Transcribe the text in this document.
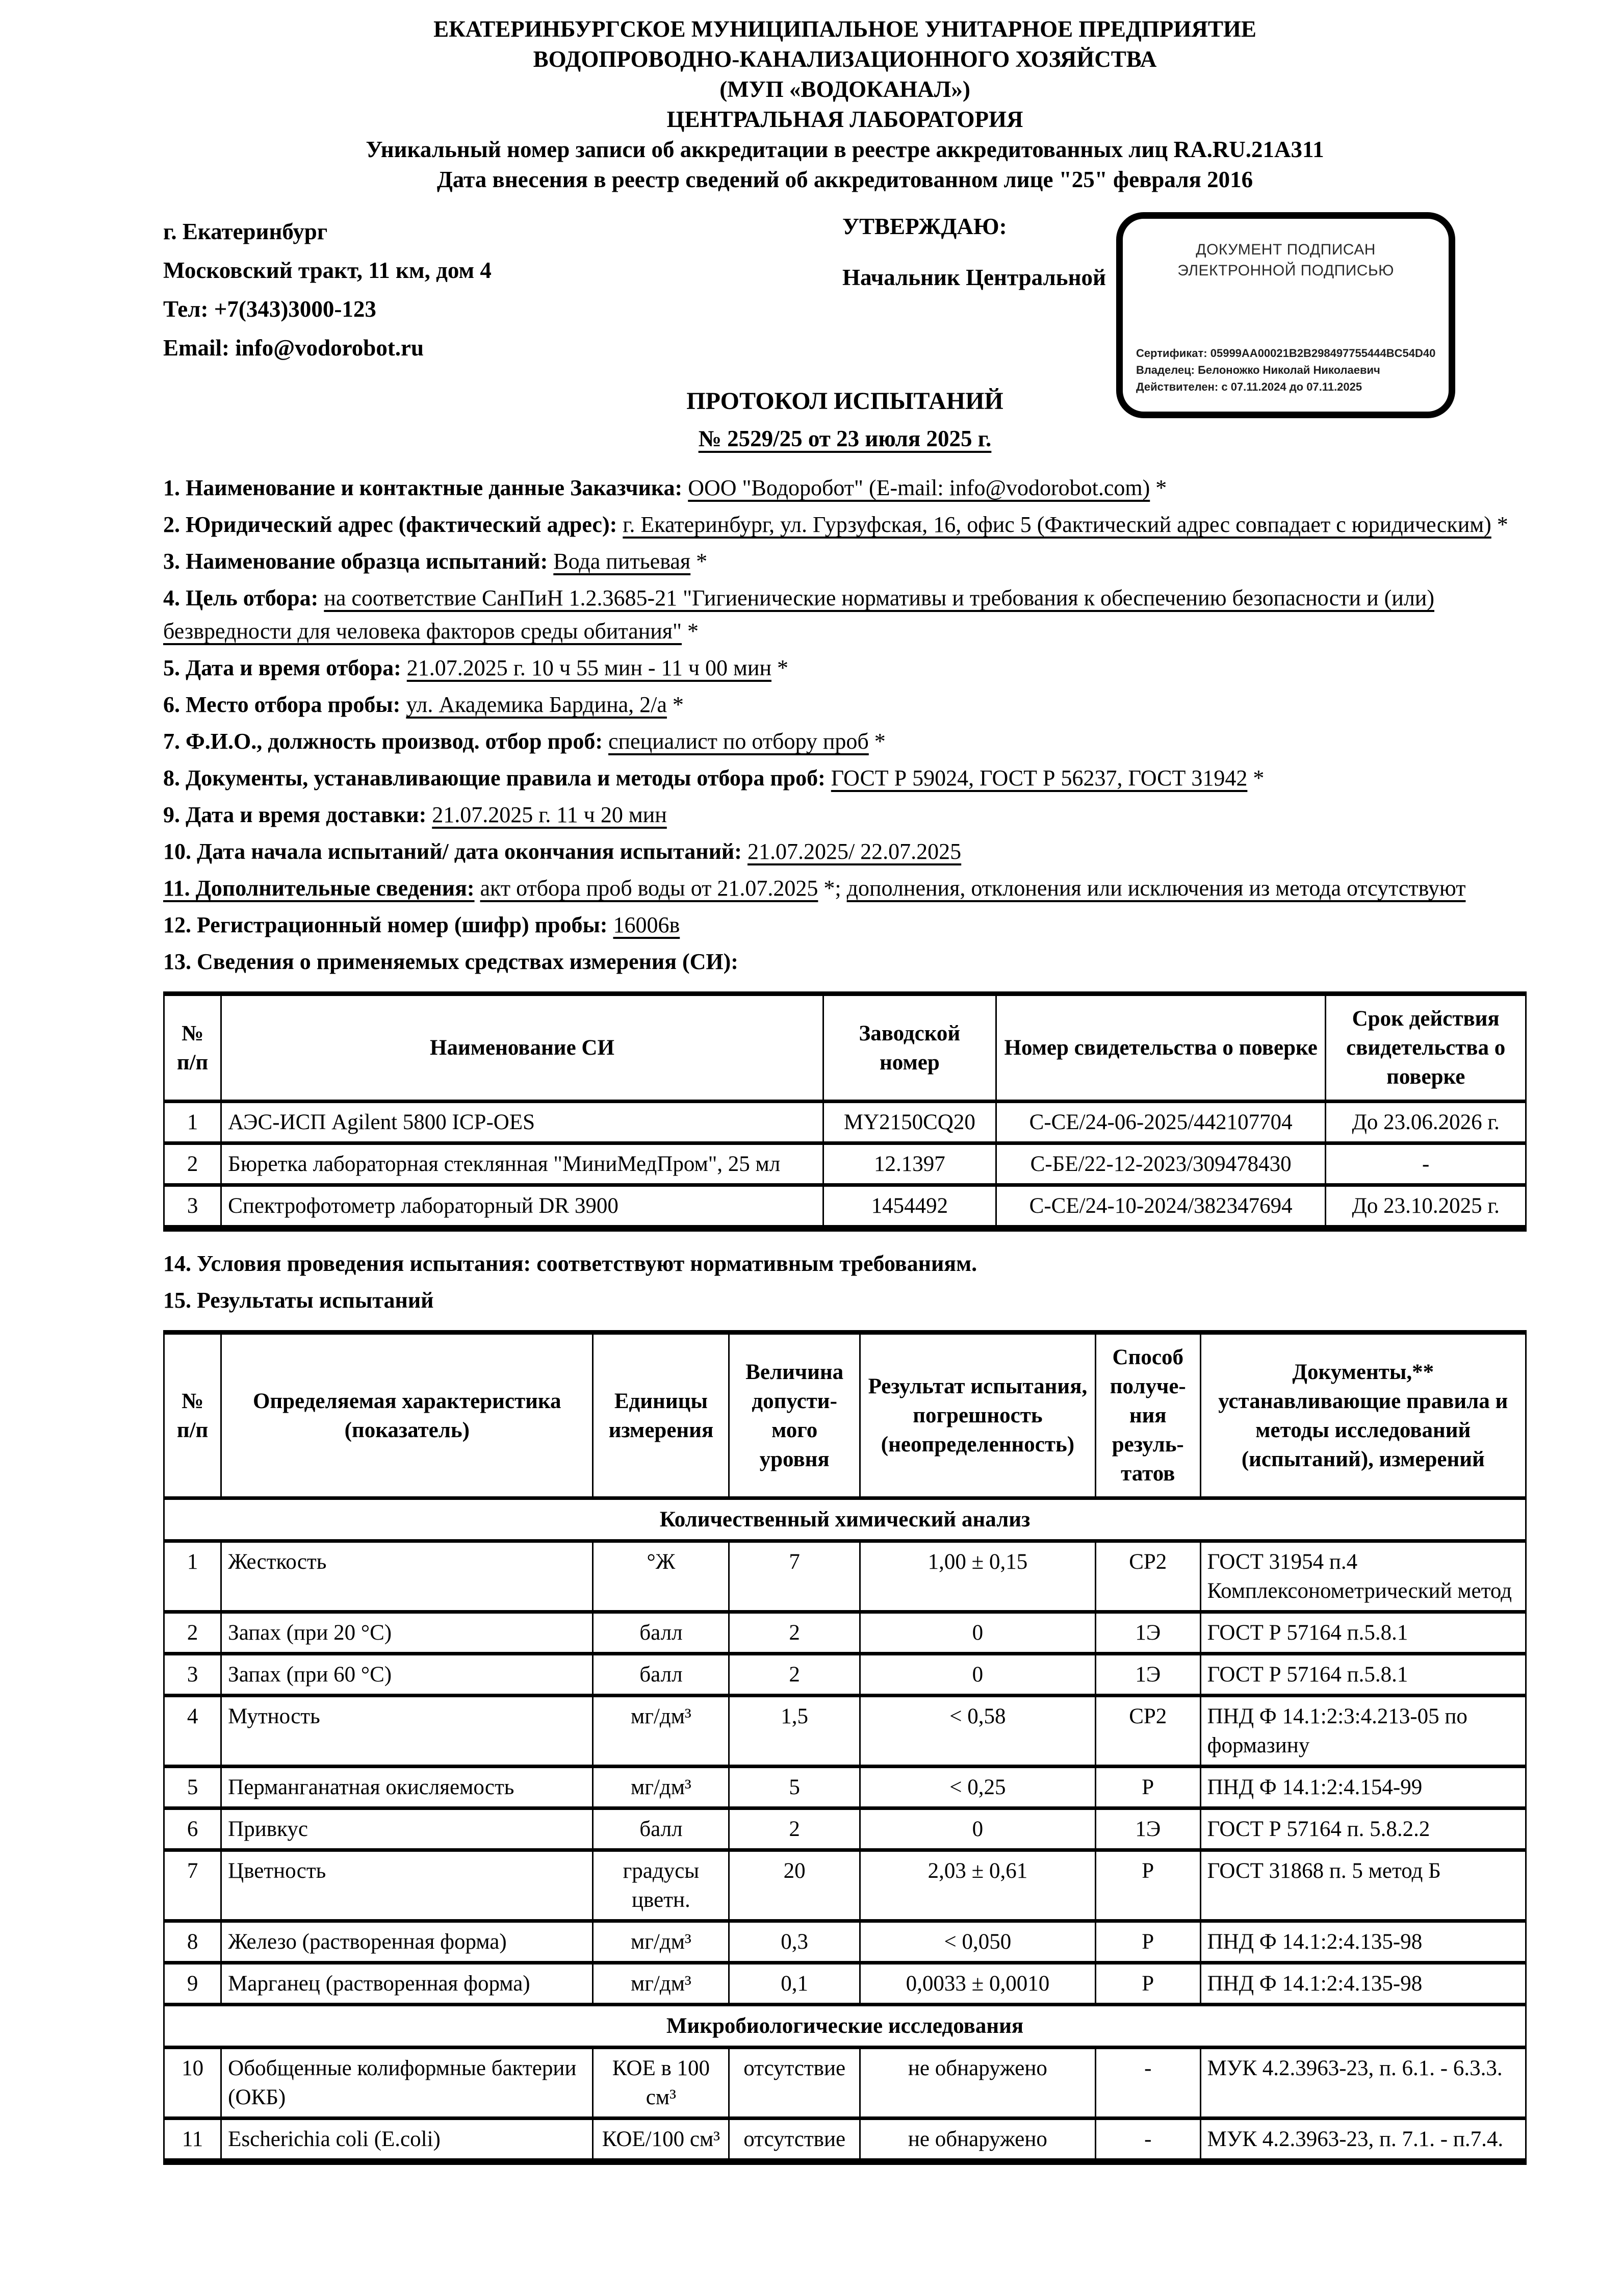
ЕКАТЕРИНБУРГСКОЕ МУНИЦИПАЛЬНОЕ УНИТАРНОЕ ПРЕДПРИЯТИЕ
ВОДОПРОВОДНО-КАНАЛИЗАЦИОННОГО ХОЗЯЙСТВА
(МУП «ВОДОКАНАЛ»)
ЦЕНТРАЛЬНАЯ ЛАБОРАТОРИЯ
Уникальный номер записи об аккредитации в реестре аккредитованных лиц RA.RU.21A311
Дата внесения в реестр сведений об аккредитованном лице "25" февраля 2016
г. Екатеринбург
Московский тракт, 11 км, дом 4
Тел: +7(343)3000-123
Email: info@vodorobot.ru
УТВЕРЖДАЮ:
Начальник Центральной
ДОКУМЕНТ ПОДПИСАН
ЭЛЕКТРОННОЙ ПОДПИСЬЮ
Сертификат: 05999AA00021B2B298497755444BC54D40
Владелец: Белоножко Николай Николаевич
Действителен: с 07.11.2024 до 07.11.2025
ПРОТОКОЛ ИСПЫТАНИЙ
№ 2529/25 от 23 июля 2025 г.

1. Наименование и контактные данные Заказчика: ООО "Водоробот" (E-mail: info@vodorobot.com) *

2. Юридический адрес (фактический адрес): г. Екатеринбург, ул. Гурзуфская, 16, офис 5 (Фактический адрес совпадает с юридическим) *

3. Наименование образца испытаний: Вода питьевая *

4. Цель отбора: на соответствие СанПиН 1.2.3685-21 "Гигиенические нормативы и требования к обеспечению безопасности и (или) безвредности для человека факторов среды обитания" *

5. Дата и время отбора: 21.07.2025 г. 10 ч 55 мин - 11 ч 00 мин *

6. Место отбора пробы: ул. Академика Бардина, 2/а *

7. Ф.И.О., должность производ. отбор проб: специалист по отбору проб *

8. Документы, устанавливающие правила и методы отбора проб: ГОСТ Р 59024, ГОСТ Р 56237, ГОСТ 31942 *

9. Дата и время доставки: 21.07.2025 г. 11 ч 20 мин

10. Дата начала испытаний/ дата окончания испытаний: 21.07.2025/ 22.07.2025

11. Дополнительные сведения: акт отбора проб воды от 21.07.2025 *; дополнения, отклонения или исключения из метода отсутствуют

12. Регистрационный номер (шифр) пробы: 16006в

13. Сведения о применяемых средствах измерения (СИ):

№ п/п	Наименование СИ	Заводской номер	Номер свидетельства о поверке	Срок действия свидетельства о поверке
1	АЭС-ИСП Agilent 5800 ICP-OES	MY2150CQ20	С-СЕ/24-06-2025/442107704	До 23.06.2026 г.
2	Бюретка лабораторная стеклянная "МиниМедПром", 25 мл	12.1397	С-БЕ/22-12-2023/309478430	-
3	Спектрофотометр лабораторный DR 3900	1454492	С-СЕ/24-10-2024/382347694	До 23.10.2025 г.

14. Условия проведения испытания: соответствуют нормативным требованиям.

15. Результаты испытаний

№ п/п	Определяемая характеристика (показатель)	Единицы измерения	Величина допусти-мого уровня	Результат испытания, погрешность (неопределенность)	Способ получе-ния резуль-татов	Документы,** устанавливающие правила и методы исследований (испытаний), измерений
Количественный химический анализ						
1	Жесткость	°Ж	7	1,00 ± 0,15	СР2	ГОСТ 31954 п.4 Комплексонометрический метод
2	Запах (при 20 °С)	балл	2	0	1Э	ГОСТ Р 57164 п.5.8.1
3	Запах (при 60 °С)	балл	2	0	1Э	ГОСТ Р 57164 п.5.8.1
4	Мутность	мг/дм³	1,5	< 0,58	СР2	ПНД Ф 14.1:2:3:4.213-05 по формазину
5	Перманганатная окисляемость	мг/дм³	5	< 0,25	Р	ПНД Ф 14.1:2:4.154-99
6	Привкус	балл	2	0	1Э	ГОСТ Р 57164 п. 5.8.2.2
7	Цветность	градусы цветн.	20	2,03 ± 0,61	Р	ГОСТ 31868 п. 5 метод Б
8	Железо (растворенная форма)	мг/дм³	0,3	< 0,050	Р	ПНД Ф 14.1:2:4.135-98
9	Марганец (растворенная форма)	мг/дм³	0,1	0,0033 ± 0,0010	Р	ПНД Ф 14.1:2:4.135-98
Микробиологические исследования						
10	Обобщенные колиформные бактерии (ОКБ)	КОЕ в 100 см³	отсутствие	не обнаружено	-	МУК 4.2.3963-23, п. 6.1. - 6.3.3.
11	Escherichia coli (E.coli)	КОЕ/100 см³	отсутствие	не обнаружено	-	МУК 4.2.3963-23, п. 7.1. - п.7.4.
